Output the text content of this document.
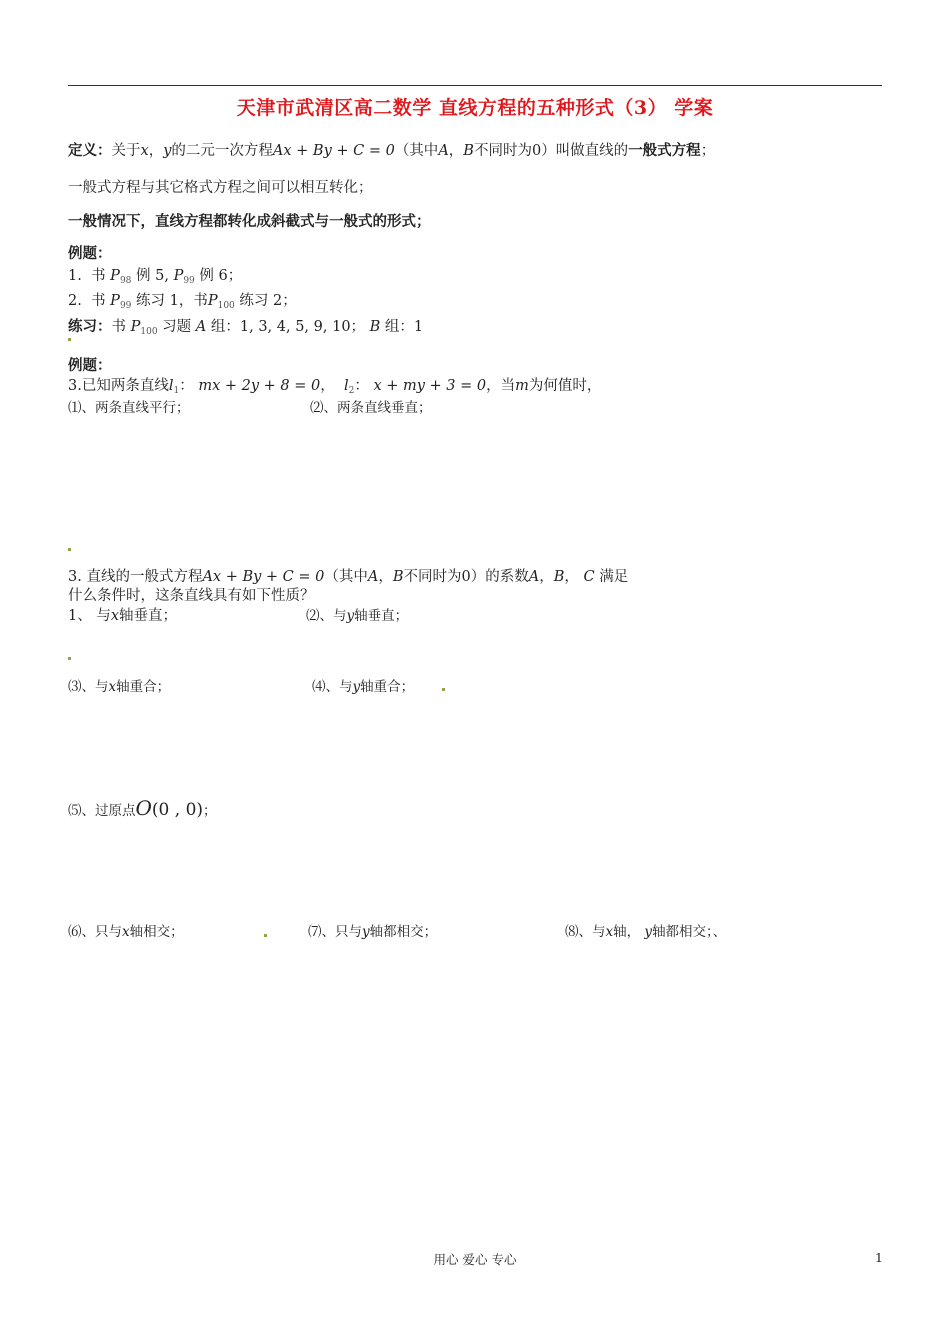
天津市武清区高二数学 直线方程的五种形式（3） 学案
定义：关于x，y的二元一次方程Ax + By + C = 0（其中A，B不同时为0）叫做直线的一般式方程；
一般式方程与其它格式方程之间可以相互转化；
一般情况下，直线方程都转化成斜截式与一般式的形式；
例题：
1. 书 $P_{98}$ 例 5, $P_{99}$ 例 6；
2. 书 $P_{99}$ 练习 1，书$P_{100}$ 练习 2；
练习：书 $P_{100}$ 习题 A 组：1, 3, 4, 5, 9, 10； B 组：1
例题：
3.已知两条直线$l_1$： mx + 2y + 8 = 0， $l_2$： x + my + 3 = 0，当m为何值时，
⑴、两条直线平行；	⑵、两条直线垂直；
3. 直线的一般式方程Ax + By + C = 0（其中A，B不同时为0）的系数A，B， C 满足
什么条件时，这条直线具有如下性质？
1、 与x轴垂直；	⑵、与y轴垂直；
⑶、与x轴重合；	⑷、与y轴重合；
⑸、过原点O(0 , 0)；
⑹、只与x轴相交；	⑺、只与y轴都相交；	⑻、与x轴， y轴都相交；、
用心 爱心 专心	1
